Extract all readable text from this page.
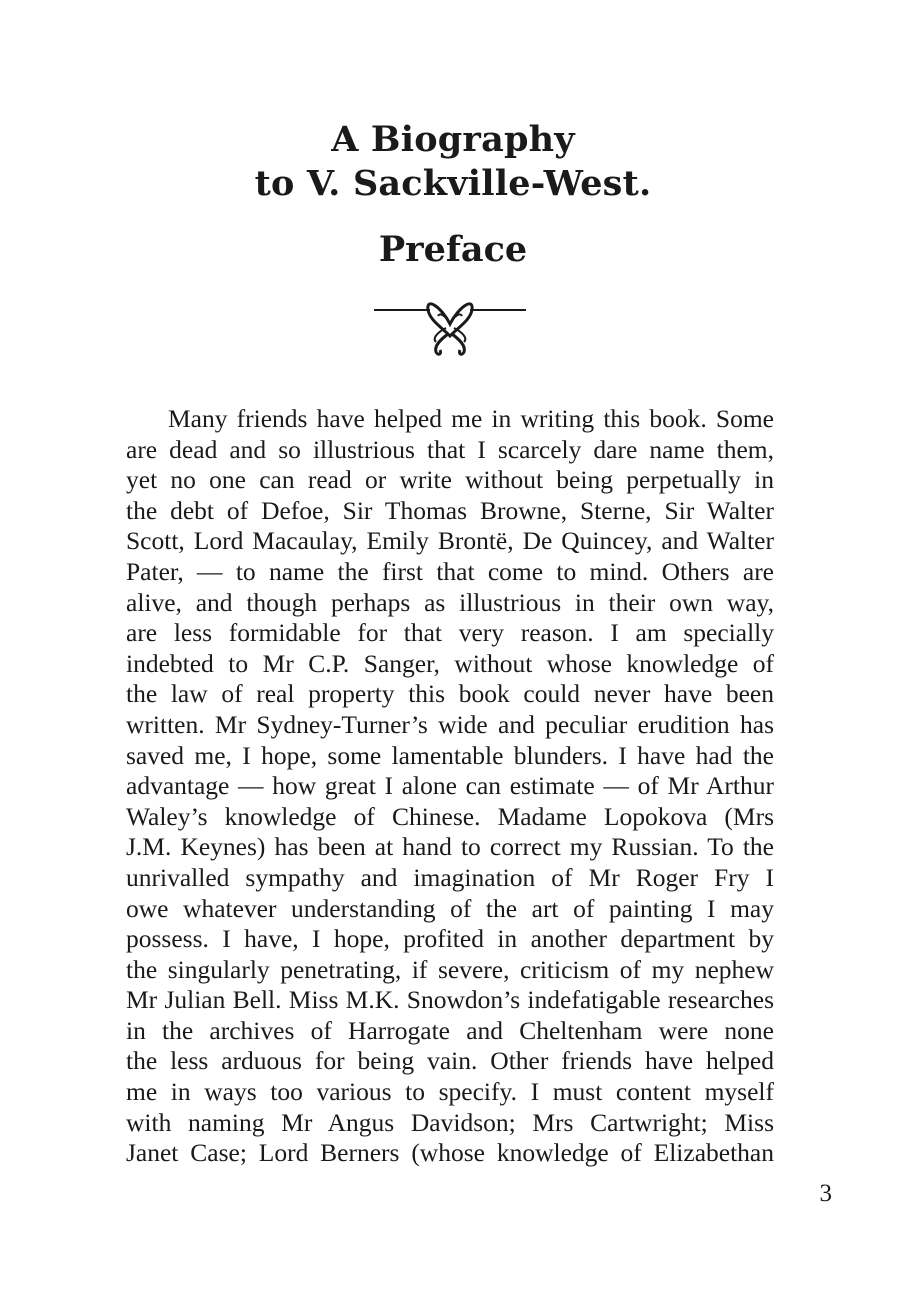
A Biography
to V. Sackville-West.
Preface
Many friends have helped me in writing this book. Some
are dead and so illustrious that I scarcely dare name them,
yet no one can read or write without being perpetually in
the debt of Defoe, Sir Thomas Browne, Sterne, Sir Walter
Scott, Lord Macaulay, Emily Brontë, De Quincey, and Walter
Pater, — to name the first that come to mind. Others are
alive, and though perhaps as illustrious in their own way,
are less formidable for that very reason. I am specially
indebted to Mr C.P. Sanger, without whose knowledge of
the law of real property this book could never have been
written. Mr Sydney-Turner’s wide and peculiar erudition has
saved me, I hope, some lamentable blunders. I have had the
advantage — how great I alone can estimate — of Mr Arthur
Waley’s knowledge of Chinese. Madame Lopokova (Mrs
J.M. Keynes) has been at hand to correct my Russian. To the
unrivalled sympathy and imagination of Mr Roger Fry I
owe whatever understanding of the art of painting I may
possess. I have, I hope, profited in another department by
the singularly penetrating, if severe, criticism of my nephew
Mr Julian Bell. Miss M.K. Snowdon’s indefatigable researches
in the archives of Harrogate and Cheltenham were none
the less arduous for being vain. Other friends have helped
me in ways too various to specify. I must content myself
with naming Mr Angus Davidson; Mrs Cartwright; Miss
Janet Case; Lord Berners (whose knowledge of Elizabethan
3
